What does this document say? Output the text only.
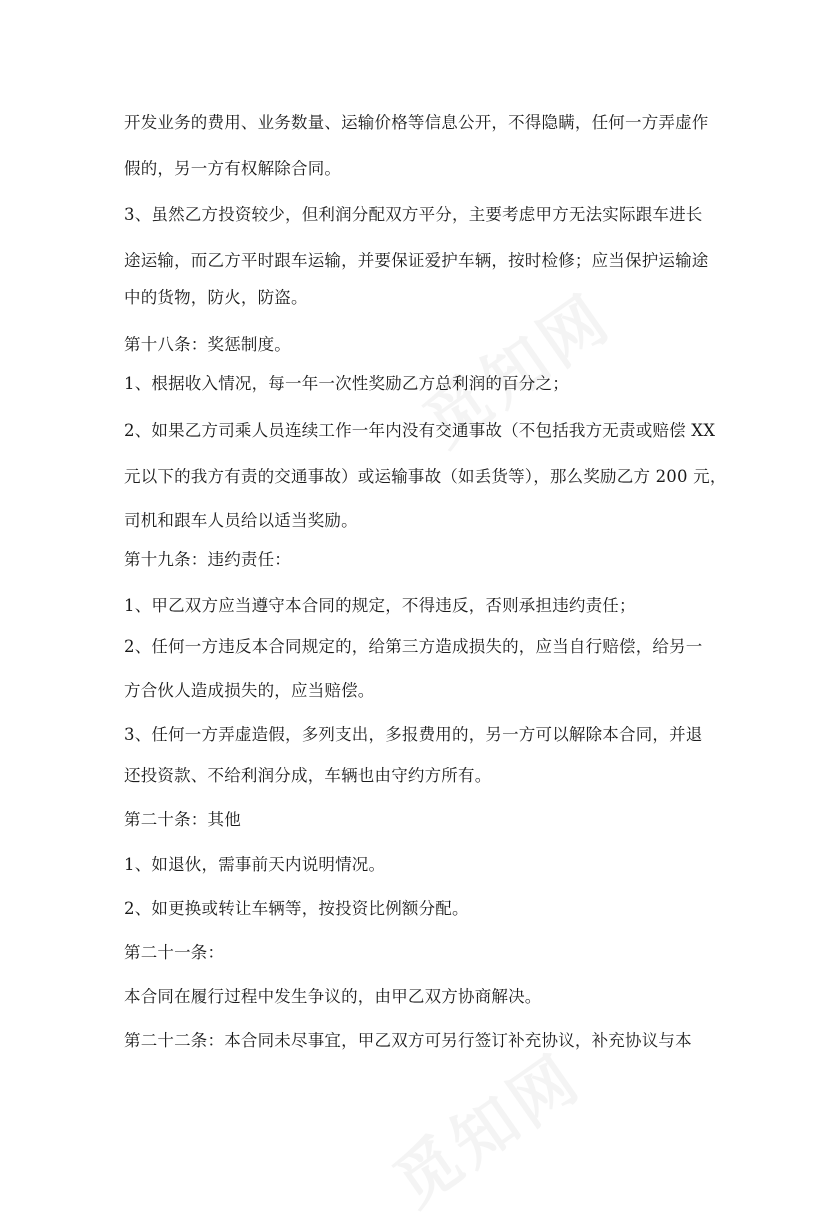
开发业务的费用、业务数量、运输价格等信息公开，不得隐瞒，任何一方弄虚作
假的，另一方有权解除合同。
3、虽然乙方投资较少，但利润分配双方平分，主要考虑甲方无法实际跟车进长
途运输，而乙方平时跟车运输，并要保证爱护车辆，按时检修；应当保护运输途
中的货物，防火，防盗。
第十八条：奖惩制度。
1、根据收入情况，每一年一次性奖励乙方总利润的百分之；
2、如果乙方司乘人员连续工作一年内没有交通事故（不包括我方无责或赔偿 XX
元以下的我方有责的交通事故）或运输事故（如丢货等），那么奖励乙方 200 元，
司机和跟车人员给以适当奖励。
第十九条：违约责任：
1、甲乙双方应当遵守本合同的规定，不得违反，否则承担违约责任；
2、任何一方违反本合同规定的，给第三方造成损失的，应当自行赔偿，给另一
方合伙人造成损失的，应当赔偿。
3、任何一方弄虚造假，多列支出，多报费用的，另一方可以解除本合同，并退
还投资款、不给利润分成，车辆也由守约方所有。
第二十条：其他
1、如退伙，需事前天内说明情况。
2、如更换或转让车辆等，按投资比例额分配。
第二十一条：
本合同在履行过程中发生争议的，由甲乙双方协商解决。
第二十二条：本合同未尽事宜，甲乙双方可另行签订补充协议，补充协议与本
